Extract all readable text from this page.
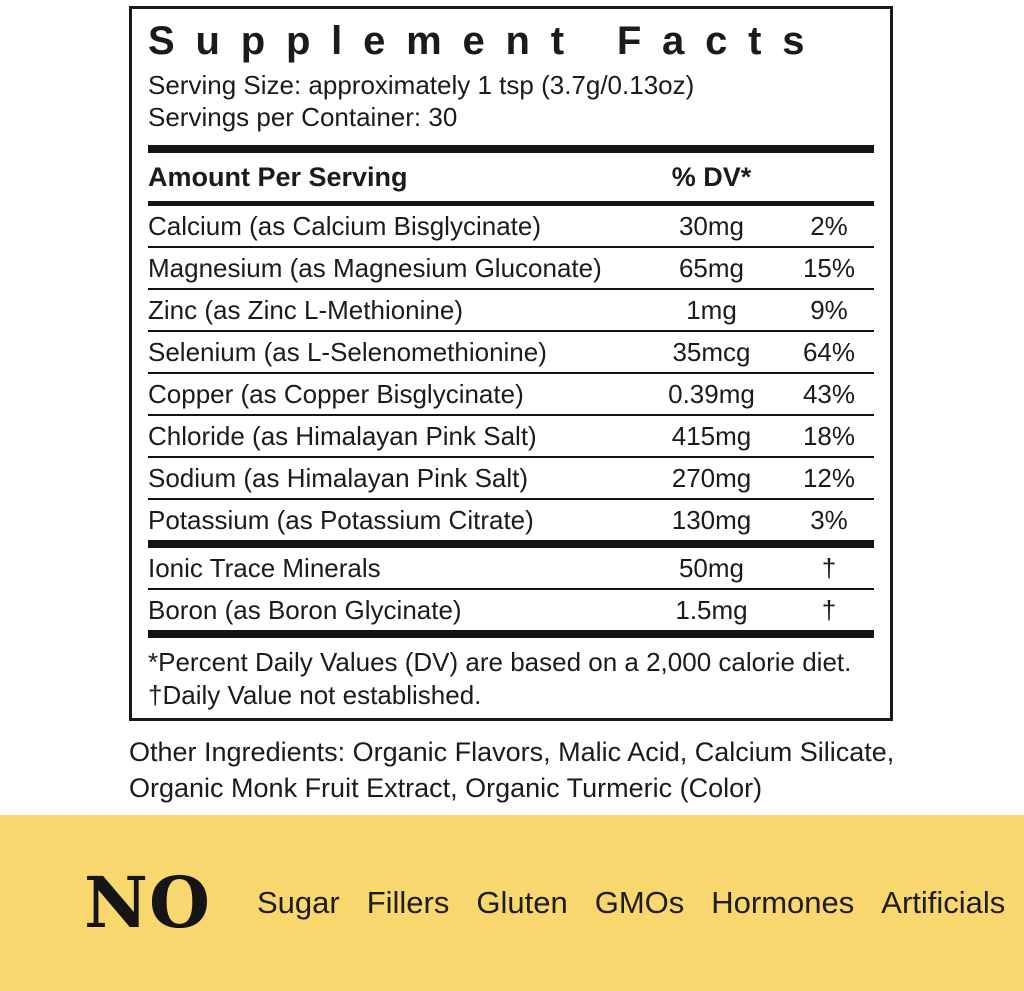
Supplement Facts
Serving Size: approximately 1 tsp (3.7g/0.13oz)
Servings per Container: 30
Amount Per Serving	% DV*
Calcium (as Calcium Bisglycinate)	30mg	2%
Magnesium (as Magnesium Gluconate)	65mg	15%
Zinc (as Zinc L-Methionine)	1mg	9%
Selenium (as L-Selenomethionine)	35mcg	64%
Copper (as Copper Bisglycinate)	0.39mg	43%
Chloride (as Himalayan Pink Salt)	415mg	18%
Sodium (as Himalayan Pink Salt)	270mg	12%
Potassium (as Potassium Citrate)	130mg	3%
Ionic Trace Minerals	50mg	†
Boron (as Boron Glycinate)	1.5mg	†
*Percent Daily Values (DV) are based on a 2,000 calorie diet. †Daily Value not established.
Other Ingredients: Organic Flavors, Malic Acid, Calcium Silicate, Organic Monk Fruit Extract, Organic Turmeric (Color)
NO Sugar Fillers Gluten GMOs Hormones Artificials
